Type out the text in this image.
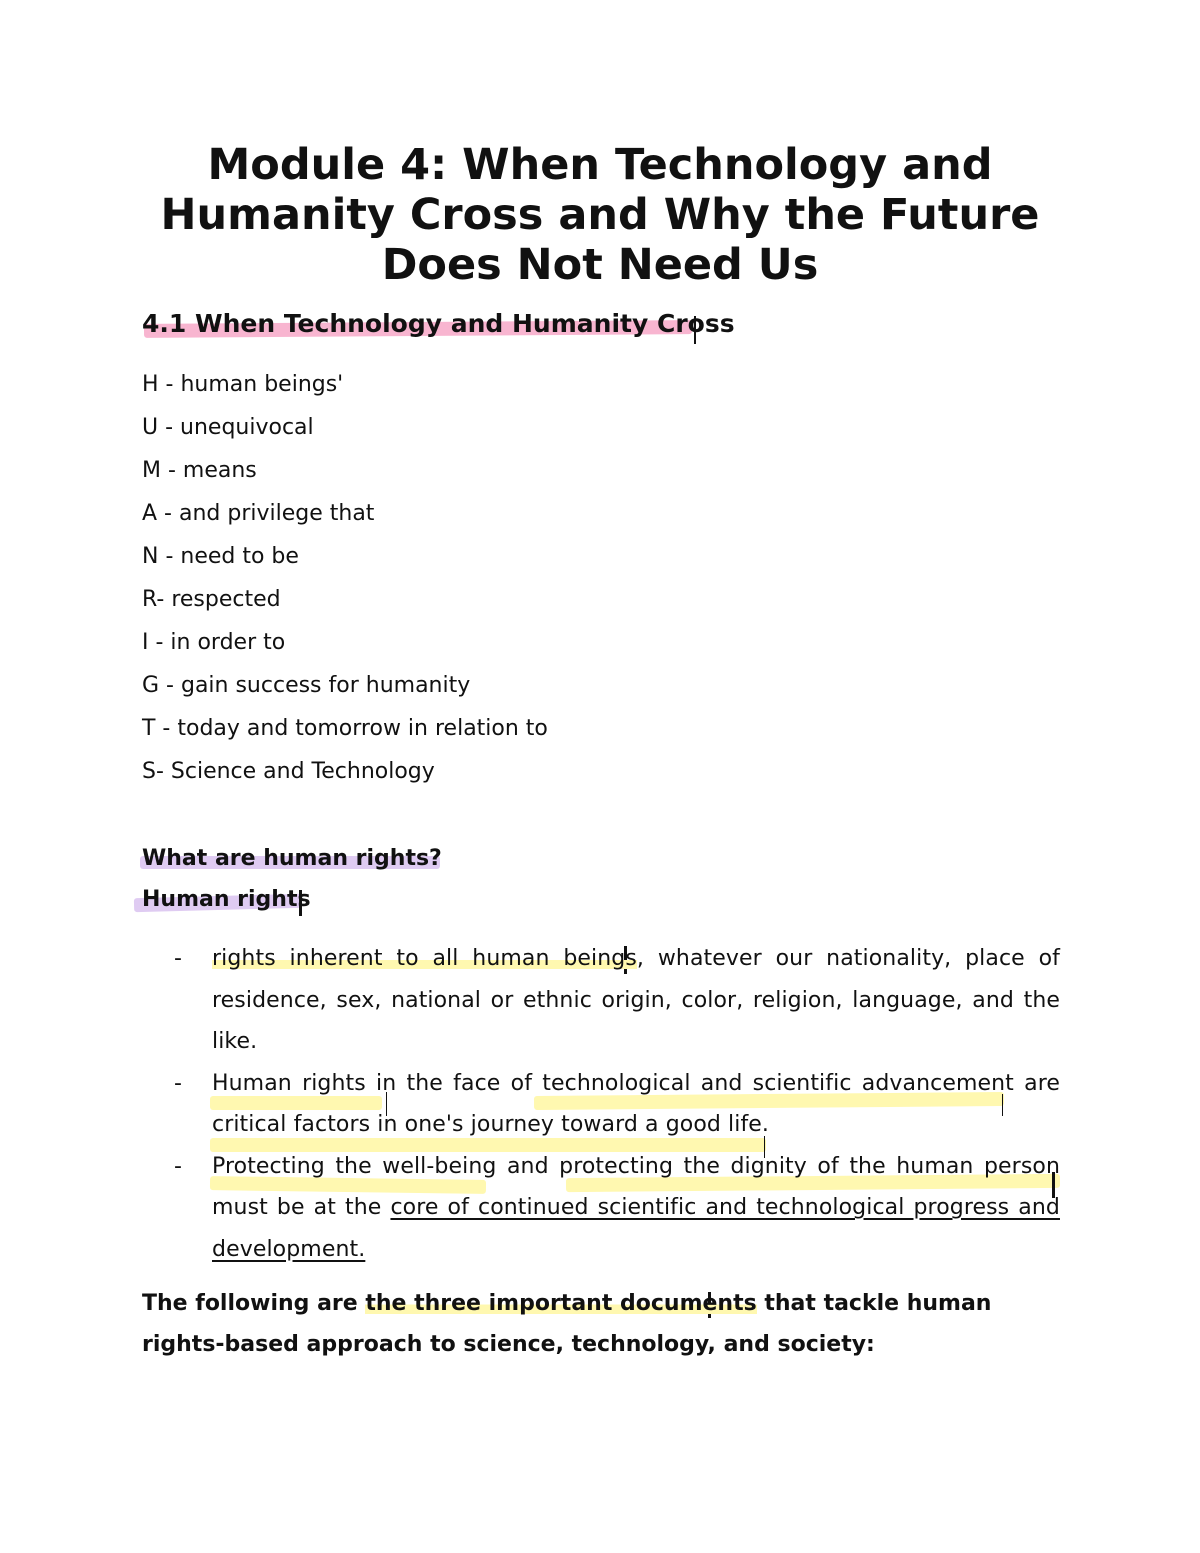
Module 4: When Technology and
Humanity Cross and Why the Future
Does Not Need Us
4.1 When Technology and Humanity Cross
H - human beings'
U - unequivocal
M - means
A - and privilege that
N - need to be
R- respected
I - in order to
G - gain success for humanity
T - today and tomorrow in relation to
S- Science and Technology
What are human rights?
Human rights
- rights inherent to all human beings, whatever our nationality, place of residence, sex, national or ethnic origin, color, religion, language, and the like.
- Human rights in the face of technological and scientific advancement are critical factors in one's journey toward a good life.
- Protecting the well-being and protecting the dignity of the human person must be at the core of continued scientific and technological progress and development.

The following are the three important documents that tackle human rights-based approach to science, technology, and society:
